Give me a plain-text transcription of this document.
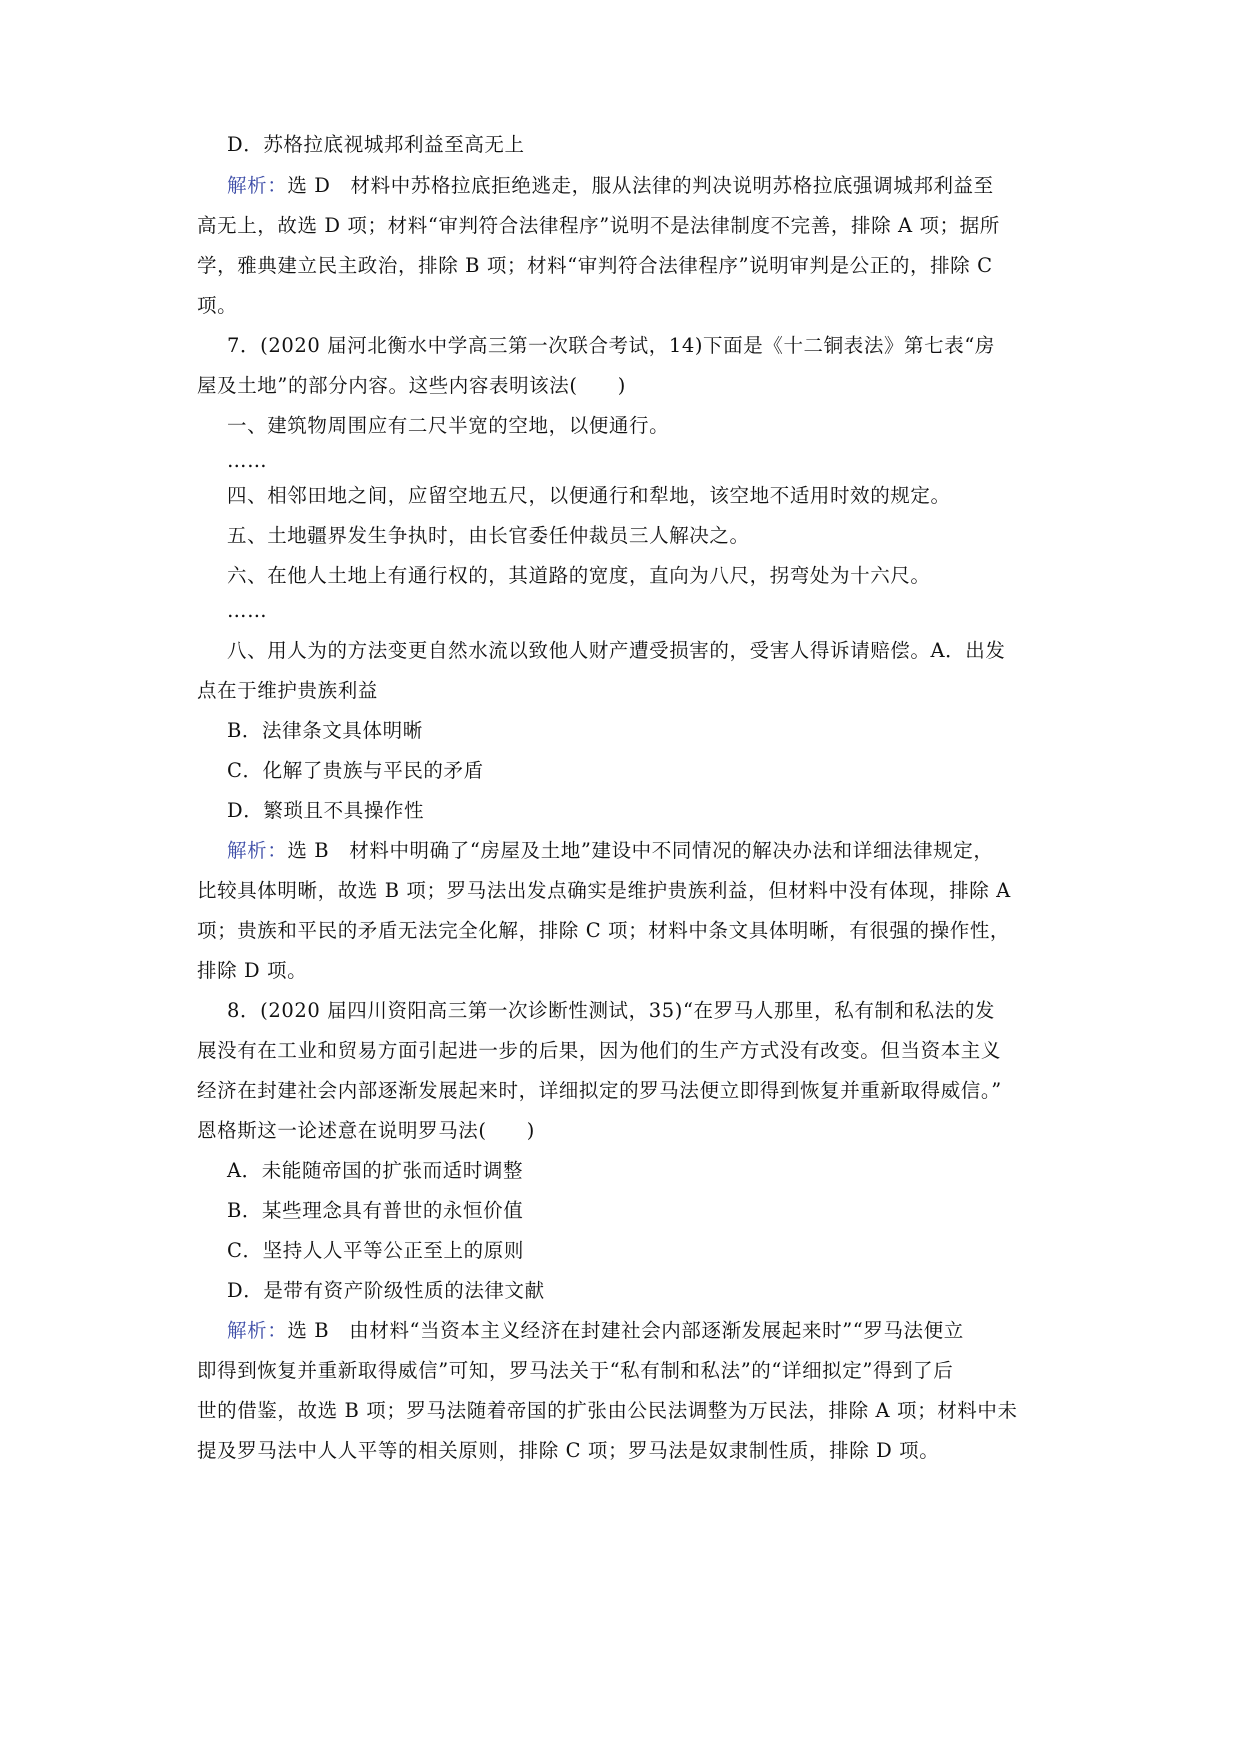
D．苏格拉底视城邦利益至高无上
解析：选 D　材料中苏格拉底拒绝逃走，服从法律的判决说明苏格拉底强调城邦利益至
高无上，故选 D 项；材料“审判符合法律程序”说明不是法律制度不完善，排除 A 项；据所
学，雅典建立民主政治，排除 B 项；材料“审判符合法律程序”说明审判是公正的，排除 C
项。
7．(2020 届河北衡水中学高三第一次联合考试，14)下面是《十二铜表法》第七表“房
屋及土地”的部分内容。这些内容表明该法(　　)
一、建筑物周围应有二尺半宽的空地，以便通行。
……
四、相邻田地之间，应留空地五尺，以便通行和犁地，该空地不适用时效的规定。
五、土地疆界发生争执时，由长官委任仲裁员三人解决之。
六、在他人土地上有通行权的，其道路的宽度，直向为八尺，拐弯处为十六尺。
……
八、用人为的方法变更自然水流以致他人财产遭受损害的，受害人得诉请赔偿。A．出发
点在于维护贵族利益
B．法律条文具体明晰
C．化解了贵族与平民的矛盾
D．繁琐且不具操作性
解析：选 B　材料中明确了“房屋及土地”建设中不同情况的解决办法和详细法律规定，
比较具体明晰，故选 B 项；罗马法出发点确实是维护贵族利益，但材料中没有体现，排除 A
项；贵族和平民的矛盾无法完全化解，排除 C 项；材料中条文具体明晰，有很强的操作性，
排除 D 项。
8．(2020 届四川资阳高三第一次诊断性测试，35)“在罗马人那里，私有制和私法的发
展没有在工业和贸易方面引起进一步的后果，因为他们的生产方式没有改变。但当资本主义
经济在封建社会内部逐渐发展起来时，详细拟定的罗马法便立即得到恢复并重新取得威信。”
恩格斯这一论述意在说明罗马法(　　)
A．未能随帝国的扩张而适时调整
B．某些理念具有普世的永恒价值
C．坚持人人平等公正至上的原则
D．是带有资产阶级性质的法律文献
解析：选 B　由材料“当资本主义经济在封建社会内部逐渐发展起来时”“罗马法便立
即得到恢复并重新取得威信”可知，罗马法关于“私有制和私法”的“详细拟定”得到了后
世的借鉴，故选 B 项；罗马法随着帝国的扩张由公民法调整为万民法，排除 A 项；材料中未
提及罗马法中人人平等的相关原则，排除 C 项；罗马法是奴隶制性质，排除 D 项。
